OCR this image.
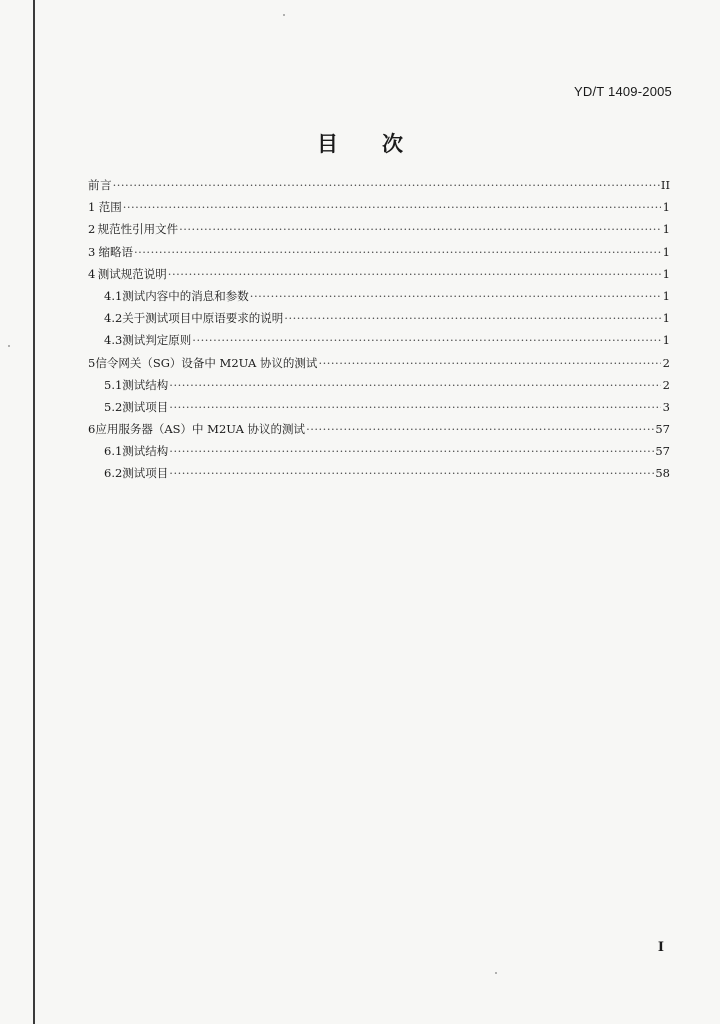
YD/T 1409-2005
目 次
前 言 ·····	II
1 范围 ·····	1
2 规范性引用文件 ·····	1
3 缩略语 ·····	1
4 测试规范说明 ·····	1
4.1 测试内容中的消息和参数 ·····	1
4.2 关于测试项目中原语要求的说明 ·····	1
4.3 测试判定原则 ·····	1
5 信令网关（SG）设备中 M2UA 协议的测试 ·····	2
5.1 测试结构 ·····	2
5.2 测试项目 ·····	3
6 应用服务器（AS）中 M2UA 协议的测试 ·····	57
6.1 测试结构 ·····	57
6.2 测试项目 ·····	58
I
